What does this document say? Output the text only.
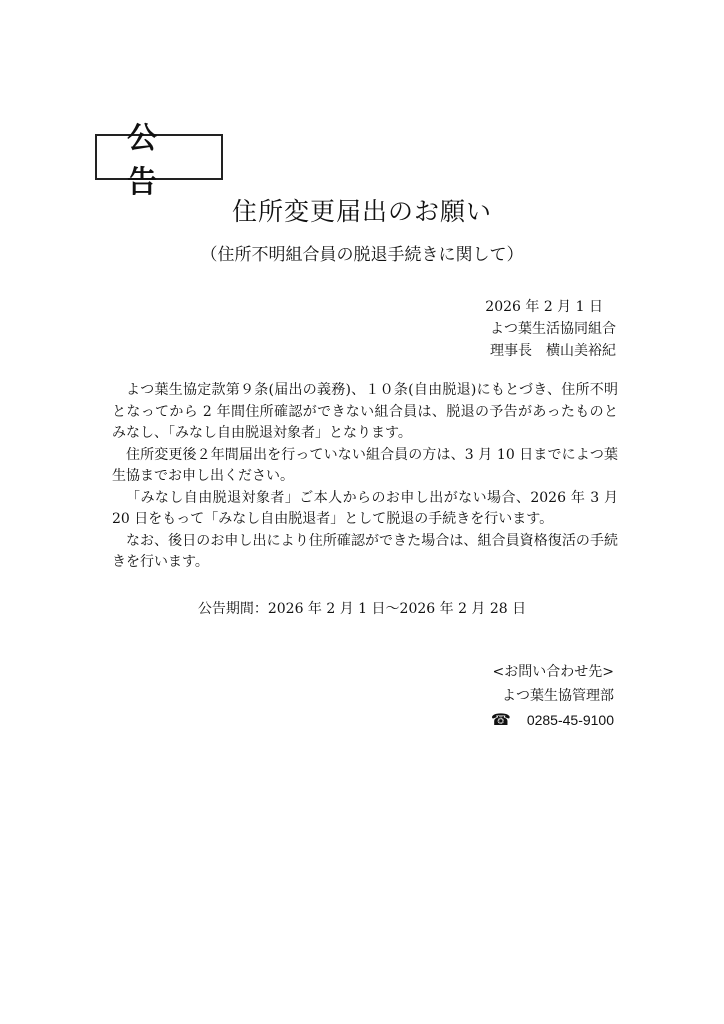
公 告
住所変更届出のお願い
（住所不明組合員の脱退手続きに関して）
2026 年 2 月 1 日
よつ葉生活協同組合
理事長　横山美裕紀

よつ葉生協定款第９条(届出の義務)、１０条(自由脱退)にもとづき、住所不明となってから 2 年間住所確認ができない組合員は、脱退の予告があったものとみなし、「みなし自由脱退対象者」となります。

住所変更後２年間届出を行っていない組合員の方は、3 月 10 日までによつ葉生協までお申し出ください。

「みなし自由脱退対象者」ご本人からのお申し出がない場合、2026 年 3 月 20 日をもって「みなし自由脱退者」として脱退の手続きを行います。

なお、後日のお申し出により住所確認ができた場合は、組合員資格復活の手続きを行います。

公告期間：2026 年 2 月 1 日～2026 年 2 月 28 日
<お問い合わせ先>
よつ葉生協管理部
☎ 0285-45-9100
